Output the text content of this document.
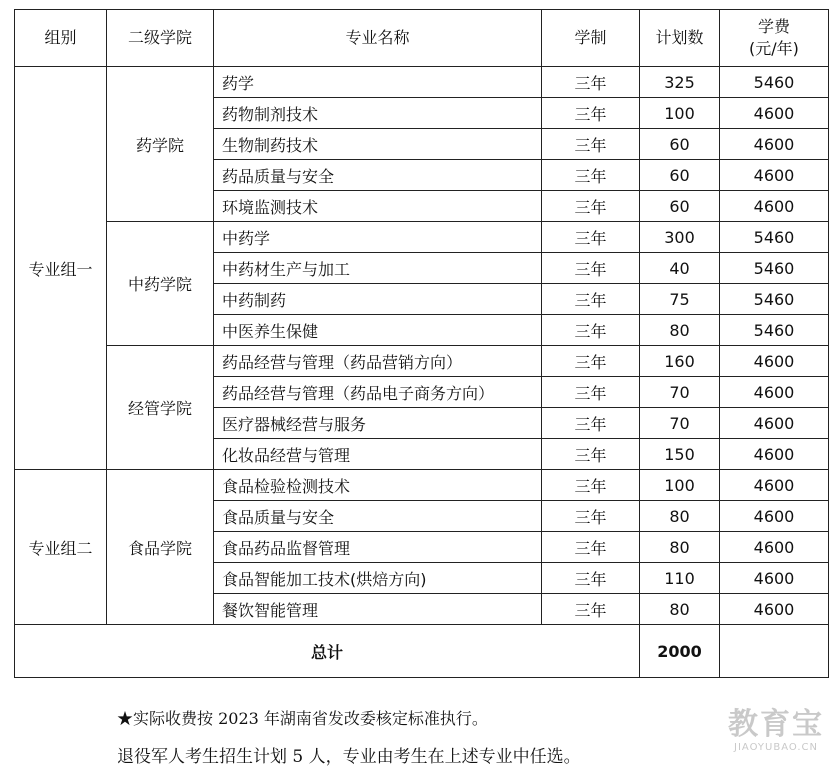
组别	二级学院	专业名称	学制	计划数	学费
(元/年)

专业组一	药学院	药学	三年	325	5460
		药物制剂技术	三年	100	4600
		生物制药技术	三年	60	4600
		药品质量与安全	三年	60	4600
		环境监测技术	三年	60	4600
	中药学院	中药学	三年	300	5460
		中药材生产与加工	三年	40	5460
		中药制药	三年	75	5460
		中医养生保健	三年	80	5460
	经管学院	药品经营与管理（药品营销方向）	三年	160	4600
		药品经营与管理（药品电子商务方向）	三年	70	4600
		医疗器械经营与服务	三年	70	4600
		化妆品经营与管理	三年	150	4600
专业组二	食品学院	食品检验检测技术	三年	100	4600
		食品质量与安全	三年	80	4600
		食品药品监督管理	三年	80	4600
		食品智能加工技术(烘焙方向)	三年	110	4600
		餐饮智能管理	三年	80	4600
总计				2000	
★实际收费按 2023 年湖南省发改委核定标准执行。
退役军人考生招生计划 5 人，专业由考生在上述专业中任选。
教育宝
JIAOYUBAO.CN
